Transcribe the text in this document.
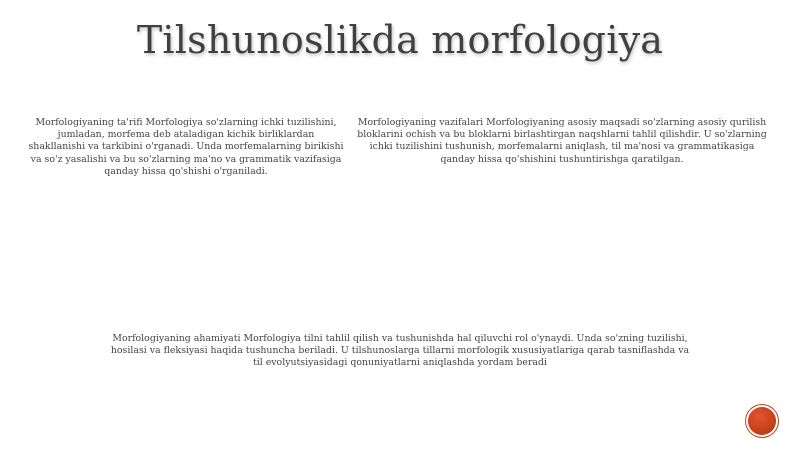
Tilshunoslikda morfologiya
Morfologiyaning ta'rifi Morfologiya so'zlarning ichki tuzilishini, jumladan, morfema deb ataladigan kichik birliklardan shakllanishi va tarkibini o'rganadi. Unda morfemalarning birikishi va so'z yasalishi va bu so'zlarning ma'no va grammatik vazifasiga qanday hissa qo'shishi o'rganiladi.
Morfologiyaning vazifalari Morfologiyaning asosiy maqsadi so'zlarning asosiy qurilish bloklarini ochish va bu bloklarni birlashtirgan naqshlarni tahlil qilishdir. U so'zlarning ichki tuzilishini tushunish, morfemalarni aniqlash, til ma'nosi va grammatikasiga qanday hissa qo'shishini tushuntirishga qaratilgan.
Morfologiyaning ahamiyati Morfologiya tilni tahlil qilish va tushunishda hal qiluvchi rol o'ynaydi. Unda so'zning tuzilishi, hosilasi va fleksiyasi haqida tushuncha beriladi. U tilshunoslarga tillarni morfologik xususiyatlariga qarab tasniflashda va til evolyutsiyasidagi qonuniyatlarni aniqlashda yordam beradi
